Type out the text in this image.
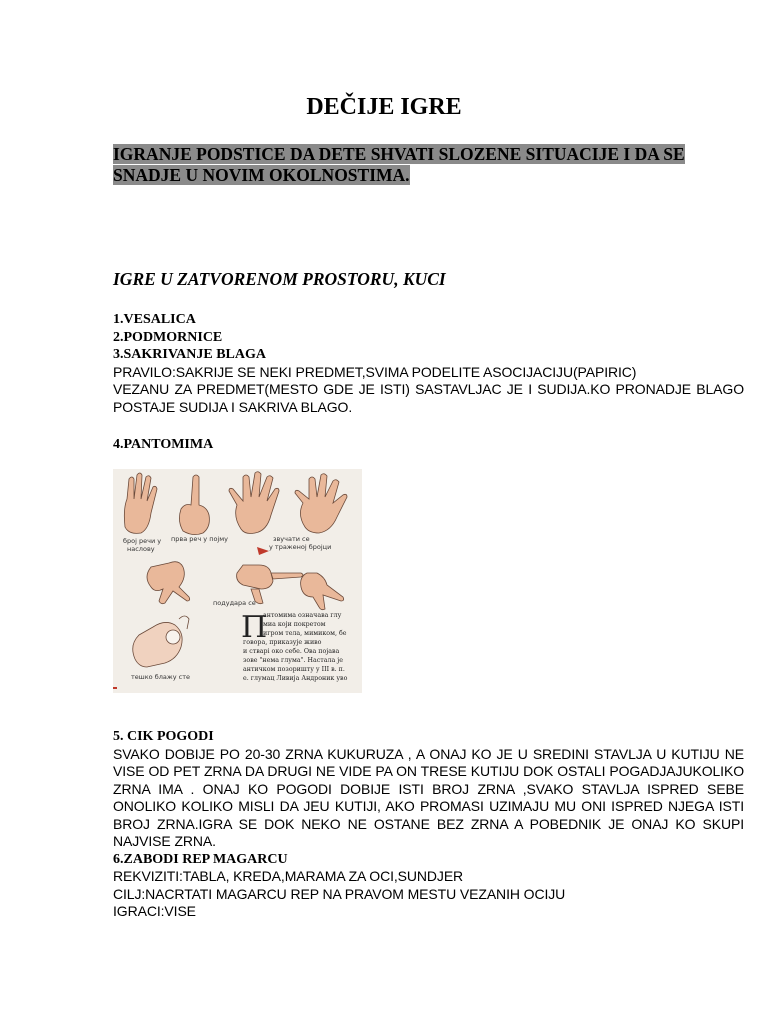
DEČIJE IGRE
IGRANJE PODSTICE DA DETE SHVATI SLOZENE SITUACIJE I DA SE
SNADJE U NOVIM OKOLNOSTIMA.
IGRE U ZATVORENOM PROSTORU, KUCI
1.VESALICA
2.PODMORNICE
3.SAKRIVANJE BLAGA
PRAVILO:SAKRIJE SE NEKI PREDMET,SVIMA PODELITE ASOCIJACIJU(PAPIRIC)
VEZANU ZA PREDMET(MESTO GDE JE ISTI) SASTAVLJAC JE I SUDIJA.KO PRONADJE BLAGO POSTAJE SUDIJA I SAKRIVA BLAGO.
4.PANTOMIMA
број речи у
наслову
прва реч у појму	звучати се
у траженој бројци
подудара се
тешко блажу сте
П
антомима означава глу
миа који покретом
игром тела, мимиком, бе
говора, приказује живо
и стварi око себе. Ова појава
зове "нема глума". Настала је
античком позоришту у III в. п.
е. глумац Ливија Андроник уво
5. CIK POGODI
SVAKO DOBIJE PO 20-30 ZRNA KUKURUZA , A ONAJ KO JE U SREDINI STAVLJA U KUTIJU NE VISE OD PET ZRNA DA DRUGI NE VIDE PA ON TRESE KUTIJU DOK OSTALI POGADJAJUKOLIKO ZRNA IMA . ONAJ KO POGODI DOBIJE ISTI BROJ ZRNA ,SVAKO STAVLJA ISPRED SEBE ONOLIKO KOLIKO MISLI DA JEU KUTIJI, AKO PROMASI UZIMAJU MU ONI ISPRED NJEGA ISTI BROJ ZRNA.IGRA SE DOK NEKO NE OSTANE BEZ ZRNA A POBEDNIK JE ONAJ KO SKUPI NAJVISE ZRNA.
6.ZABODI REP MAGARCU
REKVIZITI:TABLA, KREDA,MARAMA ZA OCI,SUNDJER
CILJ:NACRTATI MAGARCU REP NA PRAVOM MESTU VEZANIH OCIJU
IGRACI:VISE
